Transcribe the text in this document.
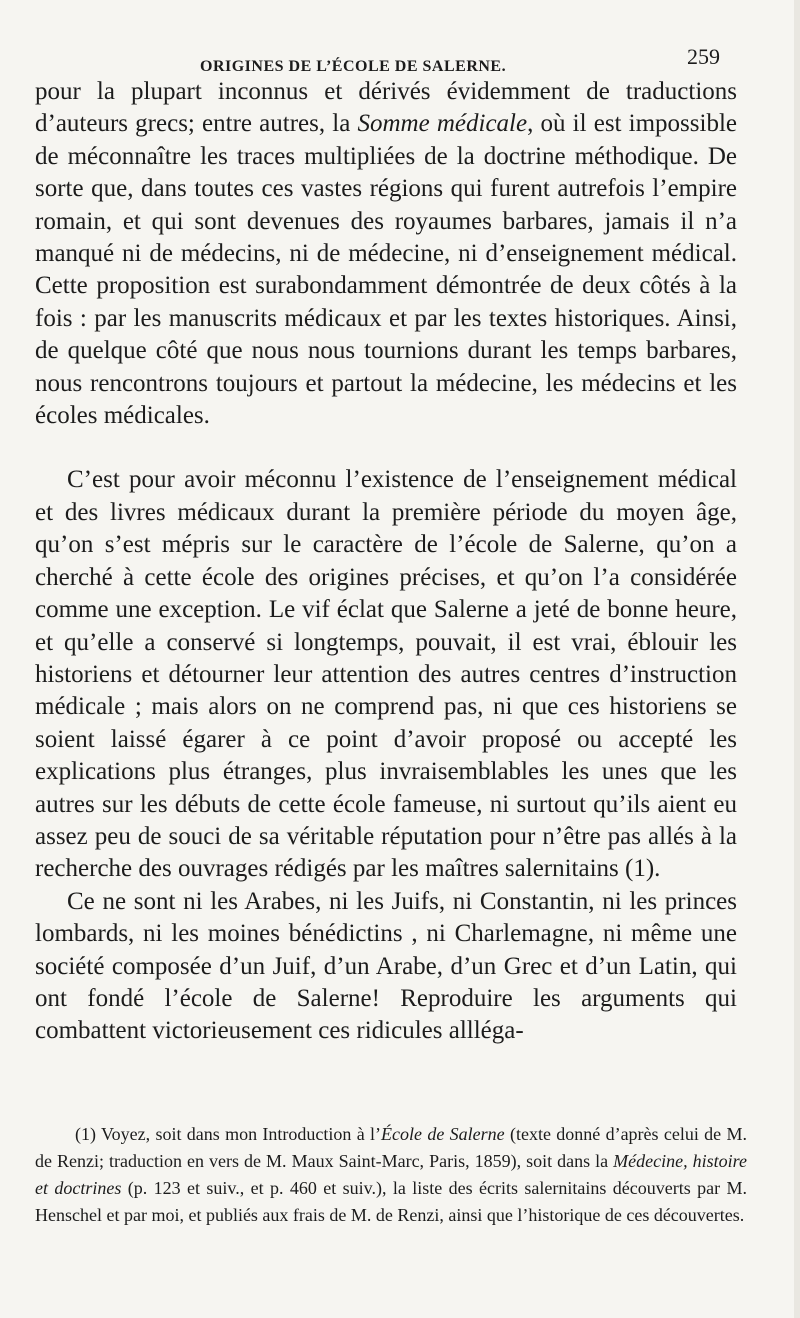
ORIGINES DE L’ÉCOLE DE SALERNE.	259

pour la plupart inconnus et dérivés évidemment de traductions d’auteurs grecs; entre autres, la Somme médicale, où il est impossible de méconnaître les traces multipliées de la doctrine méthodique. De sorte que, dans toutes ces vastes régions qui furent autrefois l’empire romain, et qui sont devenues des royaumes barbares, jamais il n’a manqué ni de médecins, ni de médecine, ni d’enseignement médical. Cette proposition est surabondamment démontrée de deux côtés à la fois : par les manuscrits médicaux et par les textes historiques. Ainsi, de quelque côté que nous nous tournions durant les temps barbares, nous rencontrons toujours et partout la médecine, les médecins et les écoles médicales.

C’est pour avoir méconnu l’existence de l’enseignement médical et des livres médicaux durant la première période du moyen âge, qu’on s’est mépris sur le caractère de l’école de Salerne, qu’on a cherché à cette école des origines précises, et qu’on l’a considérée comme une exception. Le vif éclat que Salerne a jeté de bonne heure, et qu’elle a conservé si longtemps, pouvait, il est vrai, éblouir les historiens et détourner leur attention des autres centres d’instruction médicale ; mais alors on ne comprend pas, ni que ces historiens se soient laissé égarer à ce point d’avoir proposé ou accepté les explications plus étranges, plus invraisemblables les unes que les autres sur les débuts de cette école fameuse, ni surtout qu’ils aient eu assez peu de souci de sa véritable réputation pour n’être pas allés à la recherche des ouvrages rédigés par les maîtres salernitains (1).

Ce ne sont ni les Arabes, ni les Juifs, ni Constantin, ni les princes lombards, ni les moines bénédictins , ni Charlemagne, ni même une société composée d’un Juif, d’un Arabe, d’un Grec et d’un Latin, qui ont fondé l’école de Salerne! Reproduire les arguments qui combattent victorieusement ces ridicules allléga-

(1) Voyez, soit dans mon Introduction à l’École de Salerne (texte donné d’après celui de M. de Renzi; traduction en vers de M. Maux Saint-Marc, Paris, 1859), soit dans la Médecine, histoire et doctrines (p. 123 et suiv., et p. 460 et suiv.), la liste des écrits salernitains découverts par M. Henschel et par moi, et publiés aux frais de M. de Renzi, ainsi que l’historique de ces découvertes.
